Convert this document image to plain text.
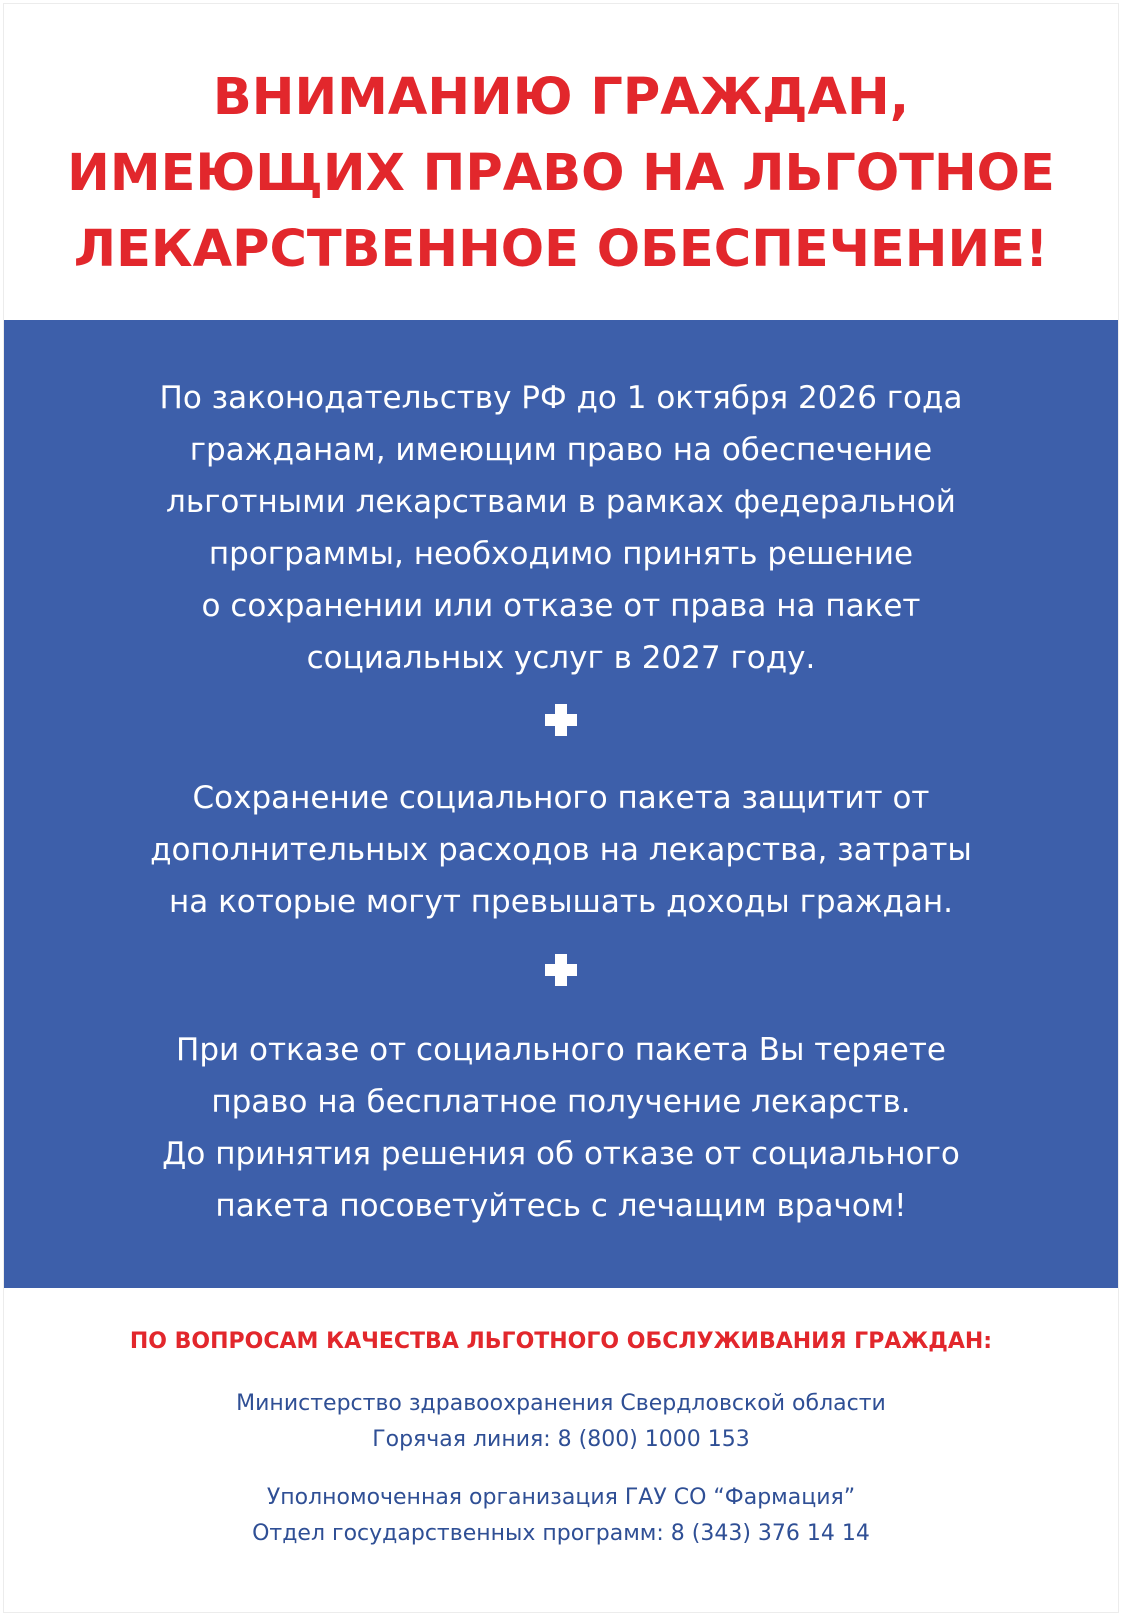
ВНИМАНИЮ ГРАЖДАН,
ИМЕЮЩИХ ПРАВО НА ЛЬГОТНОЕ
ЛЕКАРСТВЕННОЕ ОБЕСПЕЧЕНИЕ!
По законодательству РФ до 1 октября 2026 года
гражданам, имеющим право на обеспечение
льготными лекарствами в рамках федеральной
программы, необходимо принять решение
о сохранении или отказе от права на пакет
социальных услуг в 2027 году.
Сохранение социального пакета защитит от
дополнительных расходов на лекарства, затраты
на которые могут превышать доходы граждан.
При отказе от социального пакета Вы теряете
право на бесплатное получение лекарств.
До принятия решения об отказе от социального
пакета посоветуйтесь с лечащим врачом!
ПО ВОПРОСАМ КАЧЕСТВА ЛЬГОТНОГО ОБСЛУЖИВАНИЯ ГРАЖДАН:
Министерство здравоохранения Свердловской области
Горячая линия: 8 (800) 1000 153
Уполномоченная организация ГАУ СО “Фармация”
Отдел государственных программ: 8 (343) 376 14 14
